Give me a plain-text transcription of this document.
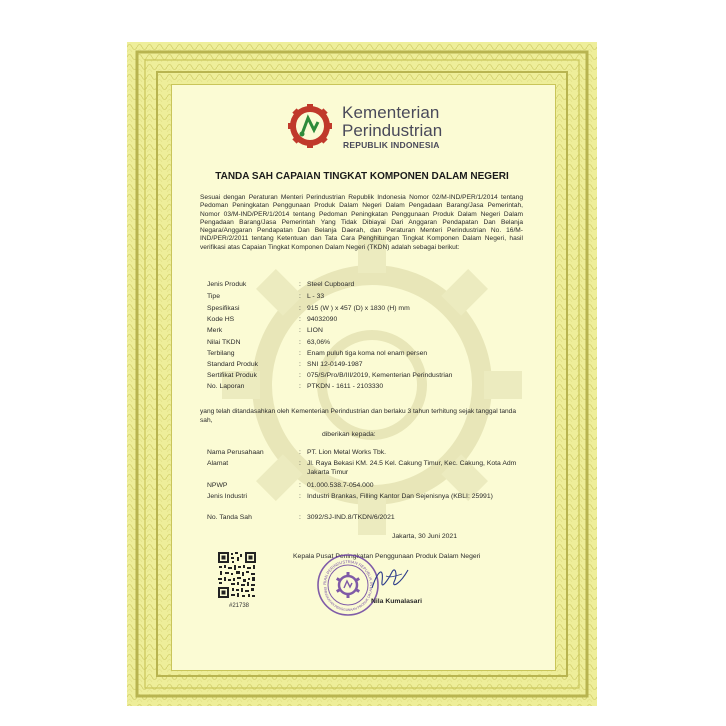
Kementerian
Perindustrian
REPUBLIK INDONESIA
TANDA SAH CAPAIAN TINGKAT KOMPONEN DALAM NEGERI

Sesuai dengan Peraturan Menteri Perindustrian Republik Indonesia Nomor 02/M-IND/PER/1/2014 tentang Pedoman Peningkatan Penggunaan Produk Dalam Negeri Dalam Pengadaan Barang/Jasa Pemerintah, Nomor 03/M-IND/PER/1/2014 tentang Pedoman Peningkatan Penggunaan Produk Dalam Negeri Dalam Pengadaan Barang/Jasa Pemerintah Yang Tidak Dibiayai Dari Anggaran Pendapatan Dan Belanja Negara/Anggaran Pendapatan Dan Belanja Daerah, dan Peraturan Menteri Perindustrian No. 16/M-IND/PER/2/2011 tentang Ketentuan dan Tata Cara Penghitungan Tingkat Komponen Dalam Negeri, hasil verifikasi atas Capaian Tingkat Komponen Dalam Negeri (TKDN) adalah sebagai berikut:

Jenis Produk	: Steel Cupboard
Tipe	: L - 33
Spesifikasi	: 915 (W ) x 457 (D) x 1830 (H) mm
Kode HS	: 94032090
Merk	: LION
Nilai TKDN	: 63,06%
Terbilang	: Enam puluh tiga koma nol enam persen
Standard Produk	: SNI 12-0149-1987
Sertifikat Produk	: 075/S/Pro/B/III/2019, Kementerian Perindustrian
No. Laporan	: PTKDN - 1611 - 2103330

yang telah ditandasahkan oleh Kementerian Perindustrian dan berlaku 3 tahun terhitung sejak tanggal tanda sah,

diberikan kepada:
Nama Perusahaan	: PT. Lion Metal Works Tbk.
Alamat	: Jl. Raya Bekasi KM. 24.5 Kel. Cakung Timur, Kec. Cakung, Kota Adm Jakarta Timur
NPWP	: 01.000.538.7-054.000
Jenis Industri	: Industri Brankas, Filling Kantor Dan Sejenisnya (KBLI: 25991)
No. Tanda Sah	: 3092/SJ-IND.8/TKDN/6/2021
Jakarta, 30 Juni 2021
Kepala Pusat Peningkatan Penggunaan Produk Dalam Negeri
#21738
RIAN PERINDUSTRIAN REPUBLIK IN
ENINGKATAN PENGGUNAAN PRODUK DALAM
Nila Kumalasari
